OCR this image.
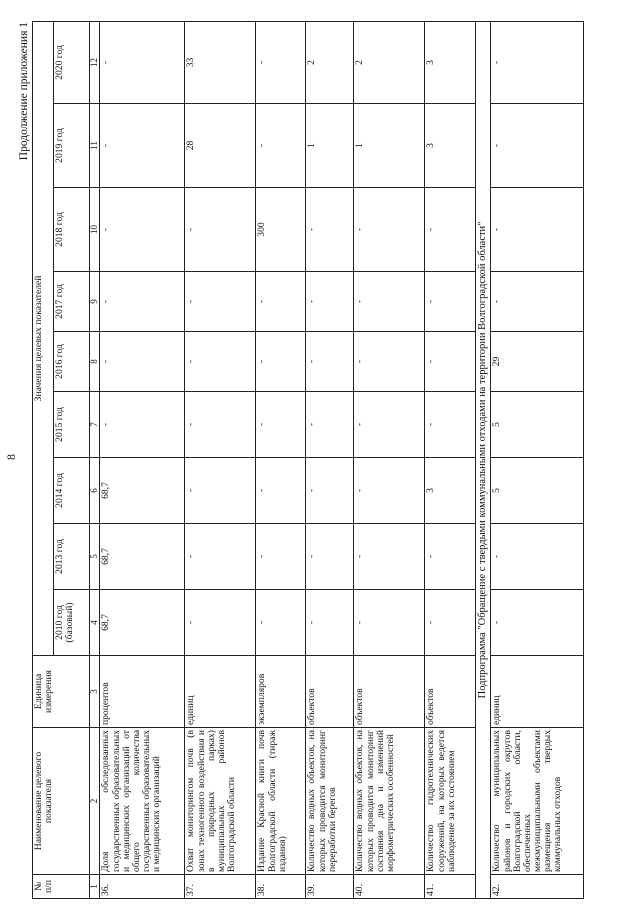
8
Продолжение приложения 1
№ п/п	Наименование целевого показателя	Единица измерения	Значения целевых показателей								
			2010 год (базовый)	2013 год	2014 год	2015 год	2016 год	2017 год	2018 год	2019 год	2020 год
1	2	3	4	5	6	7	8	9	10	11	12
36.	Доля обследованных государственных образовательных и медицинских организаций от общего количества государственных образовательных и медицинских организаций	процентов	68,7	68,7	68,7	-	-	-	-	-	-
37.	Охват мониторингом почв (в зонах техногенного воздействия и в природных парках) муниципальных районов Волгоградской области	единиц	-	-	-	-	-	-	-	28	33
38.	Издание Красной книги почв Волгоградской области (тираж издания)	экземпляров	-	-	-	-	-	-	300	-	-
39.	Количество водных объектов, на которых проводится мониторинг переработки берегов	объектов	-	-	-	-	-	-	-	1	2
40.	Количество водных объектов, на которых проводится мониторинг состояния дна и изменений морфометрических особенностей	объектов	-	-	-	-	-	-	-	1	2
41.	Количество гидротехнических сооружений, на которых ведется наблюдение за их состоянием	объектов	-	-	3	-	-	-	-	3	3
Подпрограмма "Обращение с твердыми коммунальными отходами на территории Волгоградской области"											
42.	Количество муниципальных районов и городских округов Волгоградской области, обеспеченных межмуниципальными объектами размещения твердых коммунальных отходов	единиц	-	-	5	5	29	-	-	-	-
